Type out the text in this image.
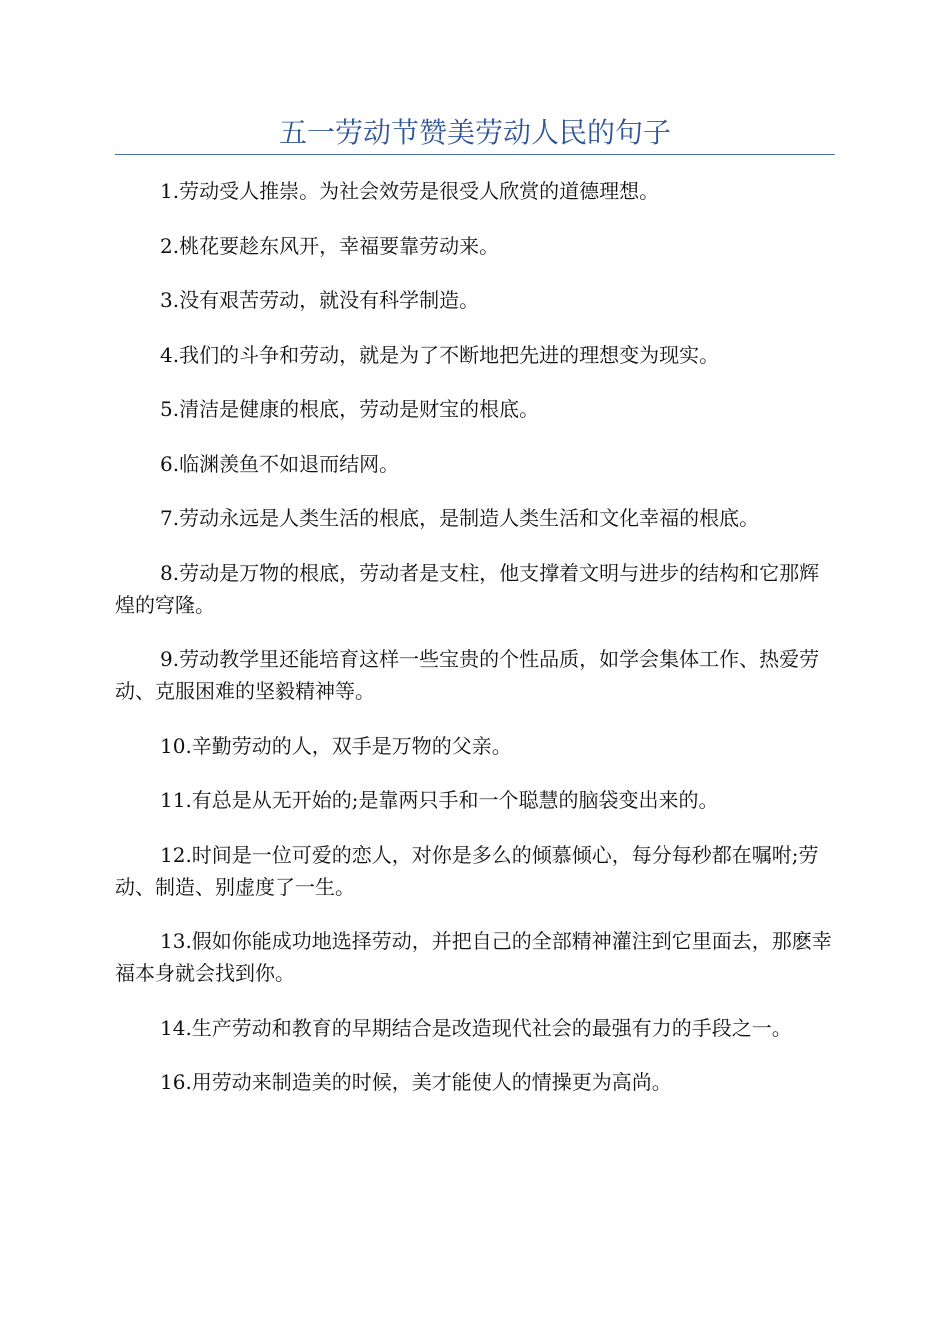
五一劳动节赞美劳动人民的句子

1.劳动受人推崇。为社会效劳是很受人欣赏的道德理想。

2.桃花要趁东风开，幸福要靠劳动来。

3.没有艰苦劳动，就没有科学制造。

4.我们的斗争和劳动，就是为了不断地把先进的理想变为现实。

5.清洁是健康的根底，劳动是财宝的根底。

6.临渊羡鱼不如退而结网。

7.劳动永远是人类生活的根底，是制造人类生活和文化幸福的根底。

8.劳动是万物的根底，劳动者是支柱，他支撑着文明与进步的结构和它那辉煌的穹隆。

9.劳动教学里还能培育这样一些宝贵的个性品质，如学会集体工作、热爱劳动、克服困难的坚毅精神等。

10.辛勤劳动的人，双手是万物的父亲。

11.有总是从无开始的;是靠两只手和一个聪慧的脑袋变出来的。

12.时间是一位可爱的恋人，对你是多么的倾慕倾心，每分每秒都在嘱咐;劳动、制造、别虚度了一生。

13.假如你能成功地选择劳动，并把自己的全部精神灌注到它里面去，那麽幸福本身就会找到你。

14.生产劳动和教育的早期结合是改造现代社会的最强有力的手段之一。

16.用劳动来制造美的时候，美才能使人的情操更为高尚。
